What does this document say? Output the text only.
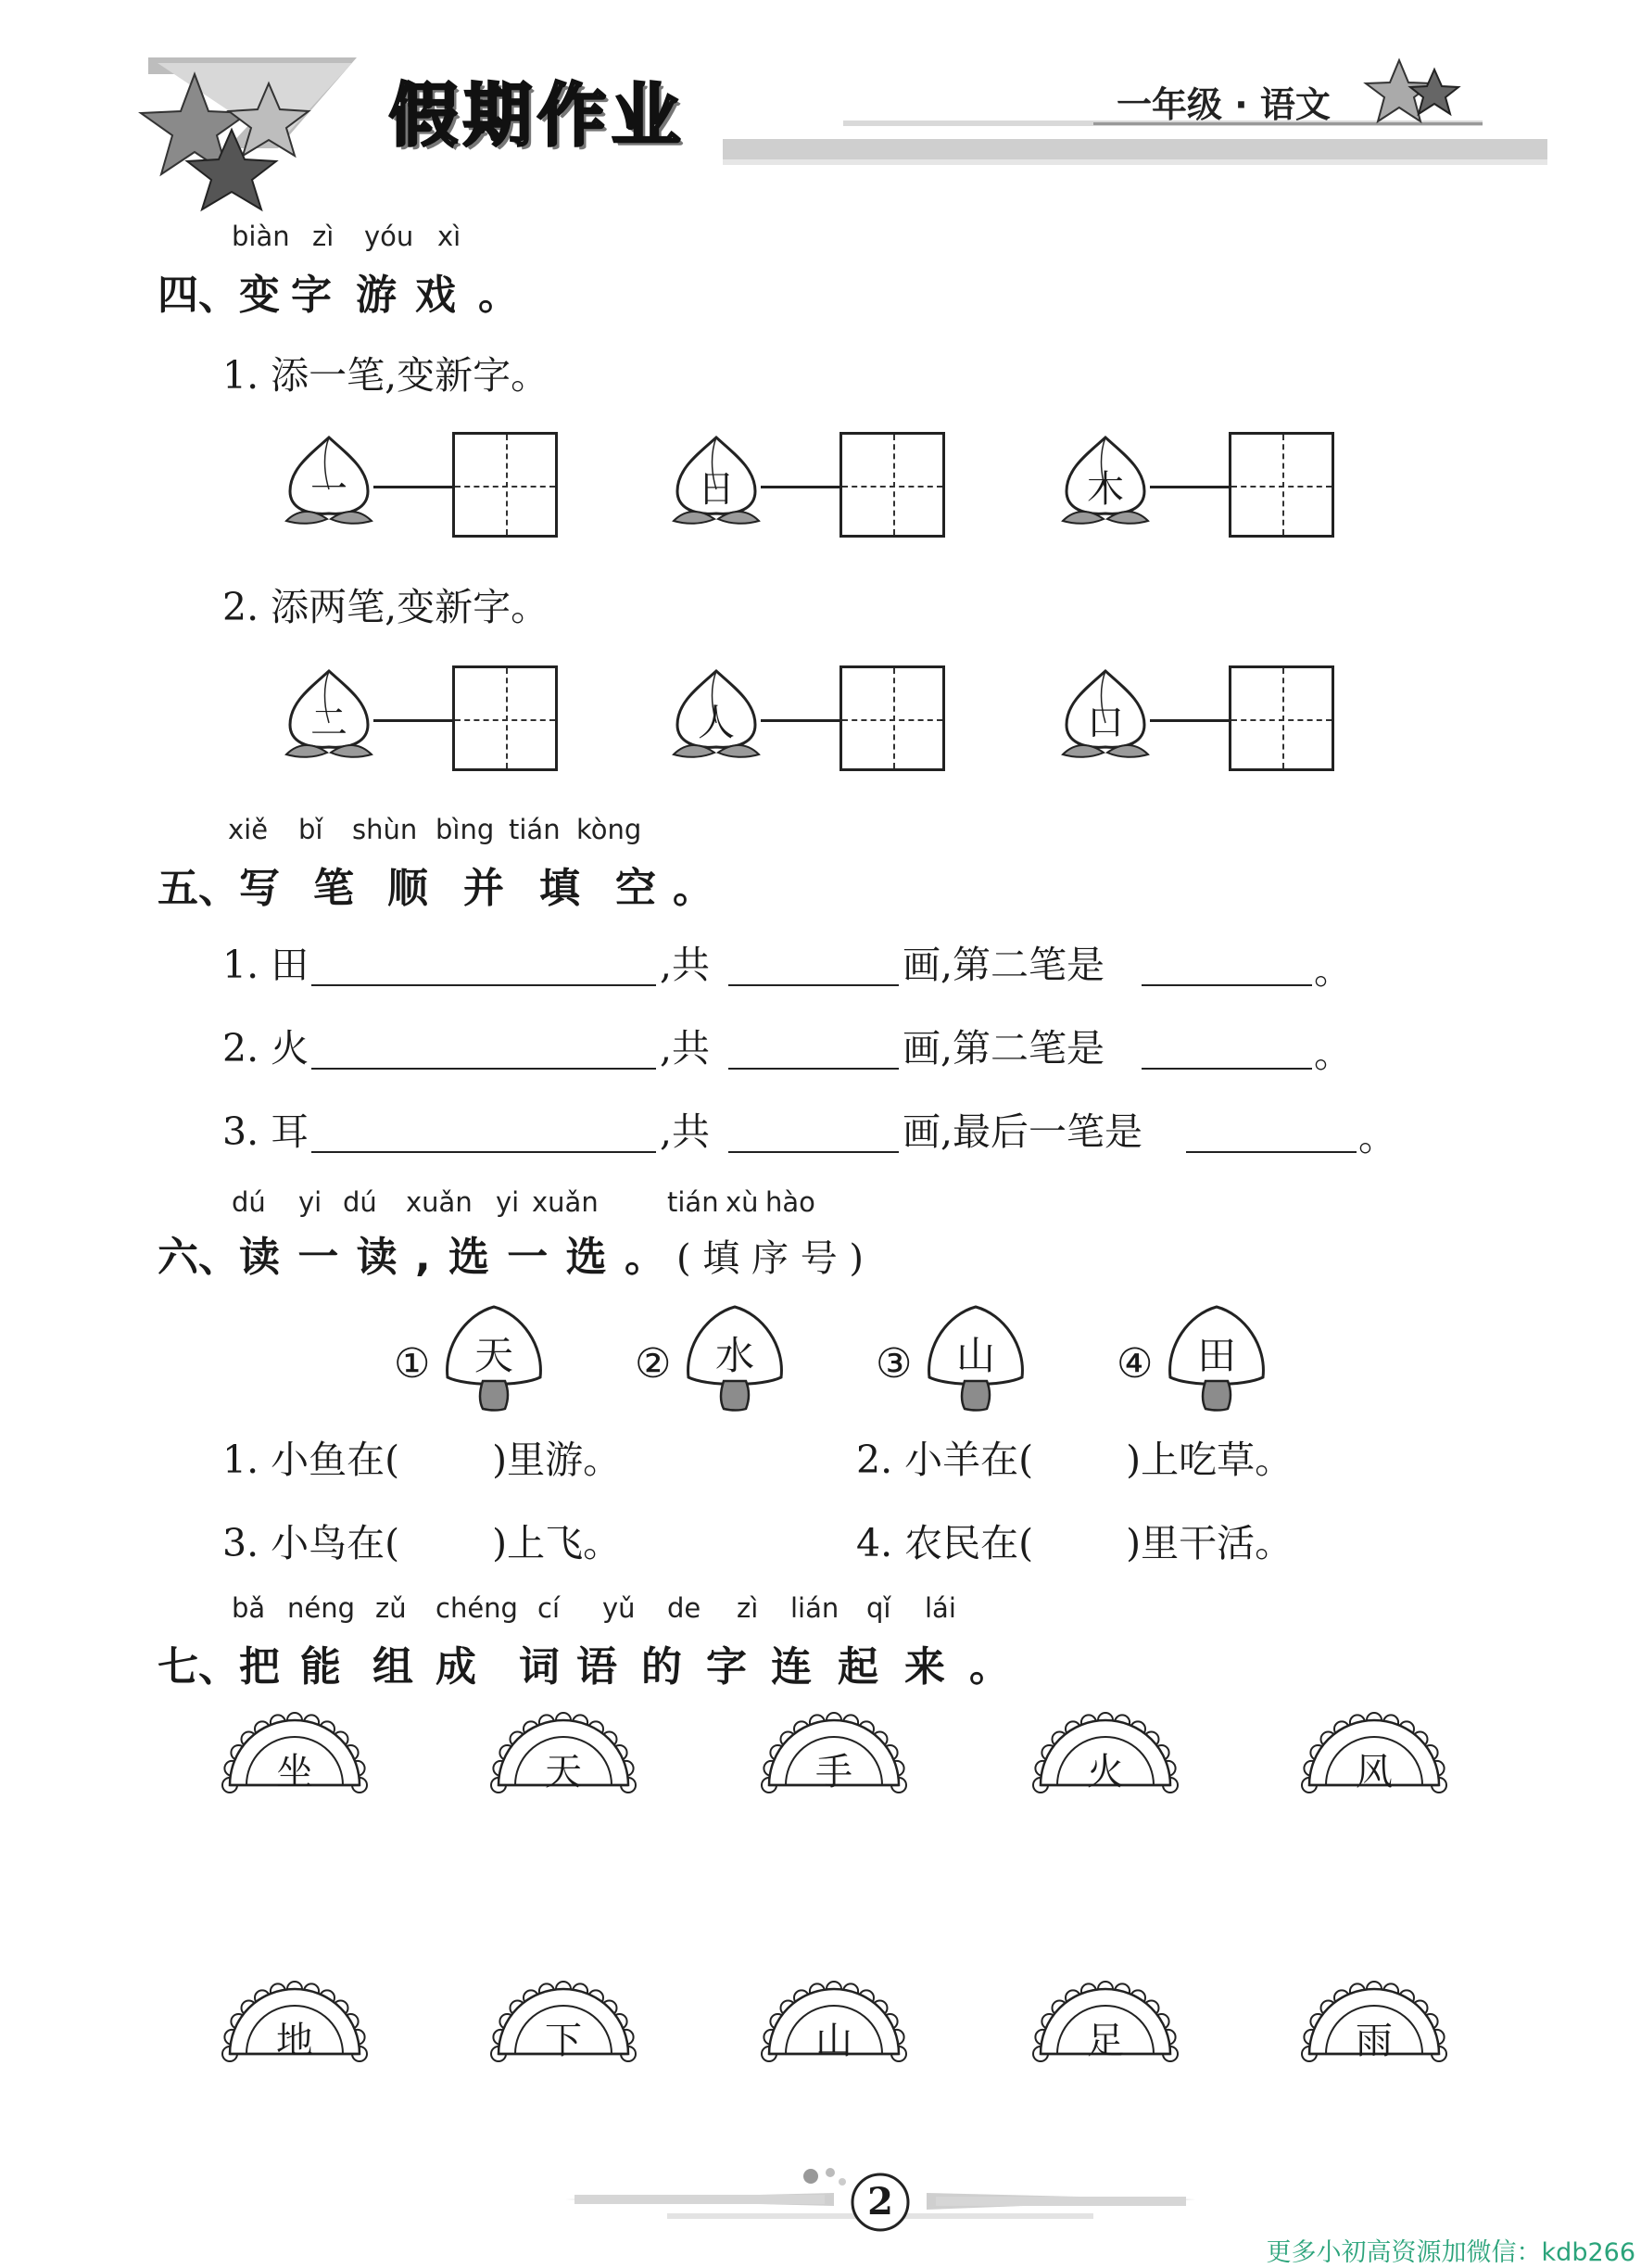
假期作业	一年级 · 语文
biàn zì yóu xì
四、变 字 游 戏 。
1. 添一笔,变新字。
一	日	木
2. 添两笔,变新字。
二	人	口
xiě bǐ shùn bìng tián kòng
五、写 笔 顺 并 填 空 。
1. 田	,共	画,第二笔是	。
2. 火	,共	画,第二笔是	。
3. 耳	,共	画,最后一笔是	。
dú yi dú xuǎn yi xuǎn	tián xù hào
六、读 一 读 , 选 一 选 。 ( 填 序 号 )
①	天	②	水	③	山	④	田
1. 小鱼在( )里游。	2. 小羊在( )上吃草。
3. 小鸟在( )上飞。	4. 农民在( )里干活。
bǎ néng zǔ chéng cí yǔ de zì lián qǐ lái
七、把 能 组 成 词 语 的 字 连 起 来 。
坐	天	手	火	风
地	下	山	足	雨
2
更多小初高资源加微信：kdb266
